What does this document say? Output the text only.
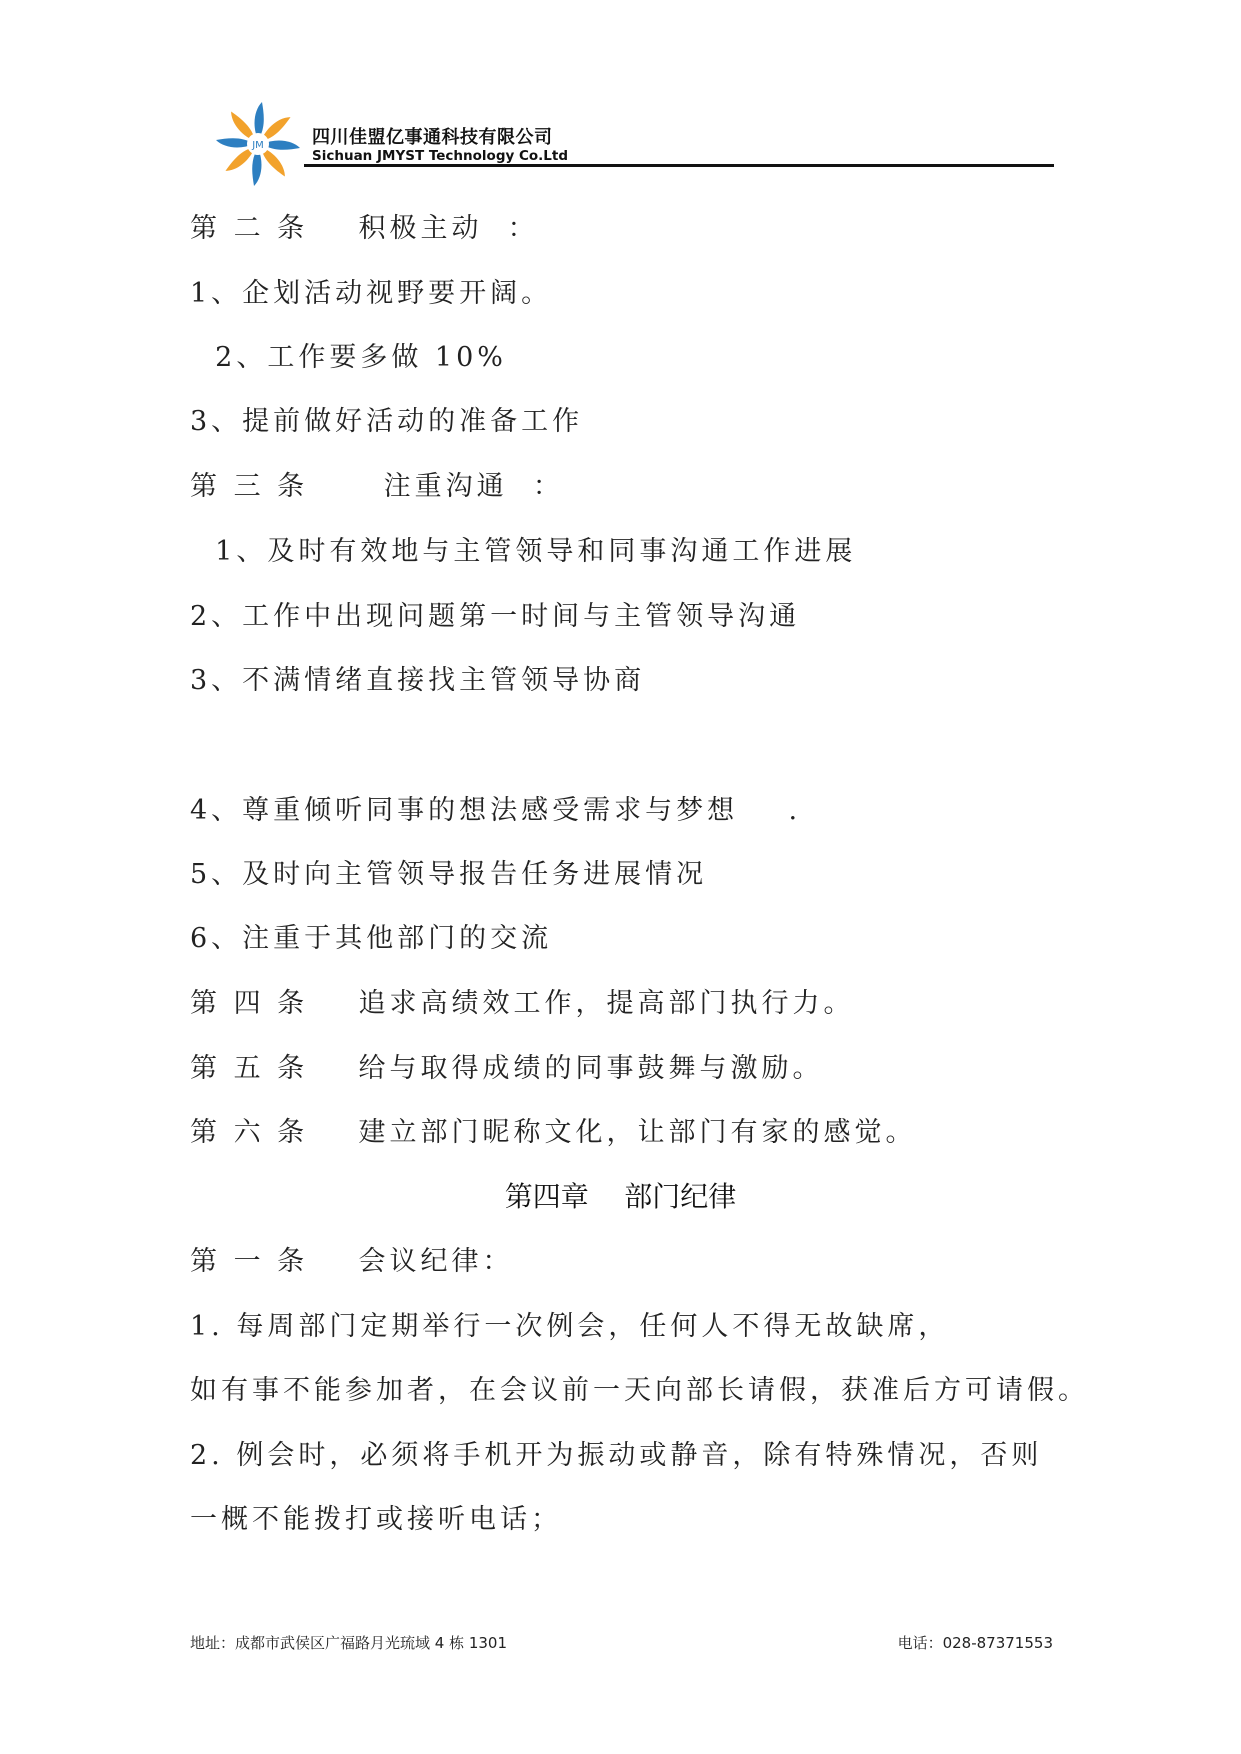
JM	四川佳盟亿事通科技有限公司
Sichuan JMYST Technology Co.Ltd
第 二 条    积极主动  ：
1、企划活动视野要开阔。
2、工作要多做 10%
3、提前做好活动的准备工作
第 三 条      注重沟通  ：
1、及时有效地与主管领导和同事沟通工作进展
2、工作中出现问题第一时间与主管领导沟通
3、不满情绪直接找主管领导协商
4、尊重倾听同事的想法感受需求与梦想    .
5、及时向主管领导报告任务进展情况
6、注重于其他部门的交流
第 四 条    追求高绩效工作，提高部门执行力。
第 五 条    给与取得成绩的同事鼓舞与激励。
第 六 条    建立部门昵称文化，让部门有家的感觉。
第四章    部门纪律
第 一 条    会议纪律：
1. 每周部门定期举行一次例会，任何人不得无故缺席，
如有事不能参加者，在会议前一天向部长请假，获准后方可请假。
2. 例会时，必须将手机开为振动或静音，除有特殊情况，否则
一概不能拨打或接听电话；
地址：成都市武侯区广福路月光琉域 4 栋 1301	电话：028-87371553
